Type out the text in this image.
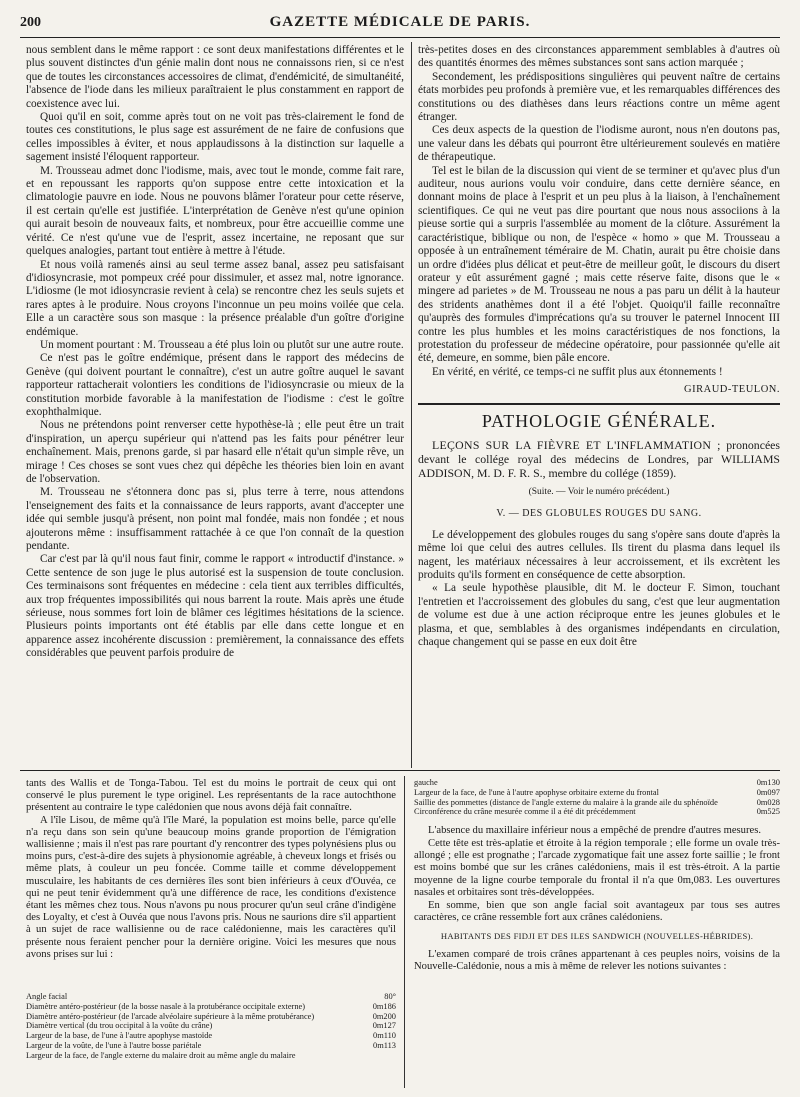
200	GAZETTE MÉDICALE DE PARIS.

nous semblent dans le même rapport : ce sont deux manifestations différentes et le plus souvent distinctes d'un génie malin dont nous ne connaissons rien, si ce n'est que de toutes les circonstances accessoires de climat, d'endémicité, de simultanéité, l'absence de l'iode dans les milieux paraîtraient le plus constamment en rapport de coexistence avec lui.

Quoi qu'il en soit, comme après tout on ne voit pas très-clairement le fond de toutes ces constitutions, le plus sage est assurément de ne faire de confusions que celles impossibles à éviter, et nous applaudissons à la distinction sur laquelle a sagement insisté l'éloquent rapporteur.

M. Trousseau admet donc l'iodisme, mais, avec tout le monde, comme fait rare, et en repoussant les rapports qu'on suppose entre cette intoxication et la climatologie pauvre en iode. Nous ne pouvons blâmer l'orateur pour cette réserve, il est certain qu'elle est justifiée. L'interprétation de Genève n'est qu'une opinion qui aurait besoin de nouveaux faits, et nombreux, pour être accueillie comme une vérité. Ce n'est qu'une vue de l'esprit, assez incertaine, ne reposant que sur quelques analogies, partant tout entière à mettre à l'étude.

Et nous voilà ramenés ainsi au seul terme assez banal, assez peu satisfaisant d'idiosyncrasie, mot pompeux créé pour dissimuler, et assez mal, notre ignorance. L'idiosme (le mot idiosyncrasie revient à cela) se rencontre chez les seuls sujets et rares aptes à le produire. Nous croyons l'inconnue un peu moins voilée que cela. Elle a un caractère sous son masque : la présence préalable d'un goître d'origine endémique.

Un moment pourtant : M. Trousseau a été plus loin ou plutôt sur une autre route.

Ce n'est pas le goître endémique, présent dans le rapport des médecins de Genève (qui doivent pourtant le connaître), c'est un autre goître auquel le savant rapporteur rattacherait volontiers les conditions de l'idiosyncrasie ou mieux de la constitution morbide favorable à la manifestation de l'iodisme : c'est le goître exophthalmique.

Nous ne prétendons point renverser cette hypothèse-là ; elle peut être un trait d'inspiration, un aperçu supérieur qui n'attend pas les faits pour pénétrer leur enchaînement. Mais, prenons garde, si par hasard elle n'était qu'un simple rêve, un mirage ! Ces choses se sont vues chez qui dépêche les théories bien loin en avant de l'observation.

M. Trousseau ne s'étonnera donc pas si, plus terre à terre, nous attendons l'enseignement des faits et la connaissance de leurs rapports, avant d'accepter une idée qui semble jusqu'à présent, non point mal fondée, mais non fondée ; et nous ajouterons même : insuffisamment rattachée à ce que l'on connaît de la question pendante.

Car c'est par là qu'il nous faut finir, comme le rapport « introductif d'instance. » Cette sentence de son juge le plus autorisé est la suspension de toute conclusion. Ces terminaisons sont fréquentes en médecine : cela tient aux terribles difficultés, aux trop fréquentes impossibilités qui nous barrent la route. Mais après une étude sérieuse, nous sommes fort loin de blâmer ces légitimes hésitations de la science. Plusieurs points importants ont été établis par elle dans cette longue et en apparence assez incohérente discussion : premièrement, la connaissance des effets considérables que peuvent parfois produire de

très-petites doses en des circonstances apparemment semblables à d'autres où des quantités énormes des mêmes substances sont sans action marquée ;

Secondement, les prédispositions singulières qui peuvent naître de certains états morbides peu profonds à première vue, et les remarquables différences des constitutions ou des diathèses dans leurs réactions contre un même agent étranger.

Ces deux aspects de la question de l'iodisme auront, nous n'en doutons pas, une valeur dans les débats qui pourront être ultérieurement soulevés en matière de thérapeutique.

Tel est le bilan de la discussion qui vient de se terminer et qu'avec plus d'un auditeur, nous aurions voulu voir conduire, dans cette dernière séance, en donnant moins de place à l'esprit et un peu plus à la liaison, à l'enchaînement scientifiques. Ce qui ne veut pas dire pourtant que nous nous associions à la pieuse sortie qui a surpris l'assemblée au moment de la clôture. Assurément la caractéristique, biblique ou non, de l'espèce « homo » que M. Trousseau a opposée à un entraînement téméraire de M. Chatin, aurait pu être choisie dans un ordre d'idées plus délicat et peut-être de meilleur goût, le discours du disert orateur y eût assurément gagné ; mais cette réserve faite, disons que le « mingere ad parietes » de M. Trousseau ne nous a pas paru un délit à la hauteur des stridents anathèmes dont il a été l'objet. Quoiqu'il faille reconnaître qu'auprès des formules d'imprécations qu'a su trouver le paternel Innocent III contre les plus humbles et les moins caractéristiques de nos fonctions, la protestation du professeur de médecine opératoire, pour passionnée qu'elle ait été, demeure, en somme, bien pâle encore.

En vérité, en vérité, ce temps-ci ne suffit plus aux étonnements !

GIRAUD-TEULON.
PATHOLOGIE GÉNÉRALE.
LEÇONS SUR LA FIÈVRE ET L'INFLAMMATION ; prononcées devant le collége royal des médecins de Londres, par WILLIAMS ADDISON, M. D. F. R. S., membre du collége (1859).
(Suite. — Voir le numéro précédent.)
V. — DES GLOBULES ROUGES DU SANG.

Le développement des globules rouges du sang s'opère sans doute d'après la même loi que celui des autres cellules. Ils tirent du plasma dans lequel ils nagent, les matériaux nécessaires à leur accroissement, et ils excrètent les produits qu'ils forment en conséquence de cette absorption.

« La seule hypothèse plausible, dit M. le docteur F. Simon, touchant l'entretien et l'accroissement des globules du sang, c'est que leur augmentation de volume est due à une action réciproque entre les jeunes globules et le plasma, et que, semblables à des organismes indépendants en circulation, chaque changement qui se passe en eux doit être

tants des Wallis et de Tonga-Tabou. Tel est du moins le portrait de ceux qui ont conservé le plus purement le type originel. Les représentants de la race autochthone présentent au contraire le type calédonien que nous avons déjà fait connaître.

A l'île Lisou, de même qu'à l'île Maré, la population est moins belle, parce qu'elle n'a reçu dans son sein qu'une beaucoup moins grande proportion de l'émigration wallisienne ; mais il n'est pas rare pourtant d'y rencontrer des types polynésiens plus ou moins purs, c'est-à-dire des sujets à physionomie agréable, à cheveux longs et frisés ou même plats, à couleur un peu foncée. Comme taille et comme développement musculaire, les habitants de ces dernières îles sont bien inférieurs à ceux d'Ouvéa, ce qui ne peut tenir évidemment qu'à une différence de race, les conditions d'existence étant les mêmes chez tous. Nous n'avons pu nous procurer qu'un seul crâne d'indigène des Loyalty, et c'est à Ouvéa que nous l'avons pris. Nous ne saurions dire s'il appartient à un sujet de race wallisienne ou de race calédonienne, mais les caractères qu'il présente nous feraient pencher pour la dernière origine. Voici les mesures que nous avons prises sur lui :

Angle facial	80°
Diamètre antéro-postérieur (de la bosse nasale à la protubérance occipitale externe)	0m186
Diamètre antéro-postérieur (de l'arcade alvéolaire supérieure à la même protubérance)	0m200
Diamètre vertical (du trou occipital à la voûte du crâne)	0m127
Largeur de la base, de l'une à l'autre apophyse mastoïde	0m110
Largeur de la voûte, de l'une à l'autre bosse pariétale	0m113
Largeur de la face, de l'angle externe du malaire droit au même angle du malaire
gauche	0m130
Largeur de la face, de l'une à l'autre apophyse orbitaire externe du frontal	0m097
Saillie des pommettes (distance de l'angle externe du malaire à la grande aile du sphénoïde	0m028
Circonférence du crâne mesurée comme il a été dit précédemment	0m525

L'absence du maxillaire inférieur nous a empêché de prendre d'autres mesures.

Cette tête est très-aplatie et étroite à la région temporale ; elle forme un ovale très-allongé ; elle est prognathe ; l'arcade zygomatique fait une assez forte saillie ; le front est moins bombé que sur les crânes calédoniens, mais il est très-étroit. A la partie moyenne de la ligne courbe temporale du frontal il n'a que 0m,083. Les ouvertures nasales et orbitaires sont très-développées.

En somme, bien que son angle facial soit avantageux par tous ses autres caractères, ce crâne ressemble fort aux crânes calédoniens.

HABITANTS DES FIDJI ET DES ILES SANDWICH (NOUVELLES-HÉBRIDES).

L'examen comparé de trois crânes appartenant à ces peuples noirs, voisins de la Nouvelle-Calédonie, nous a mis à même de relever les notions suivantes :
